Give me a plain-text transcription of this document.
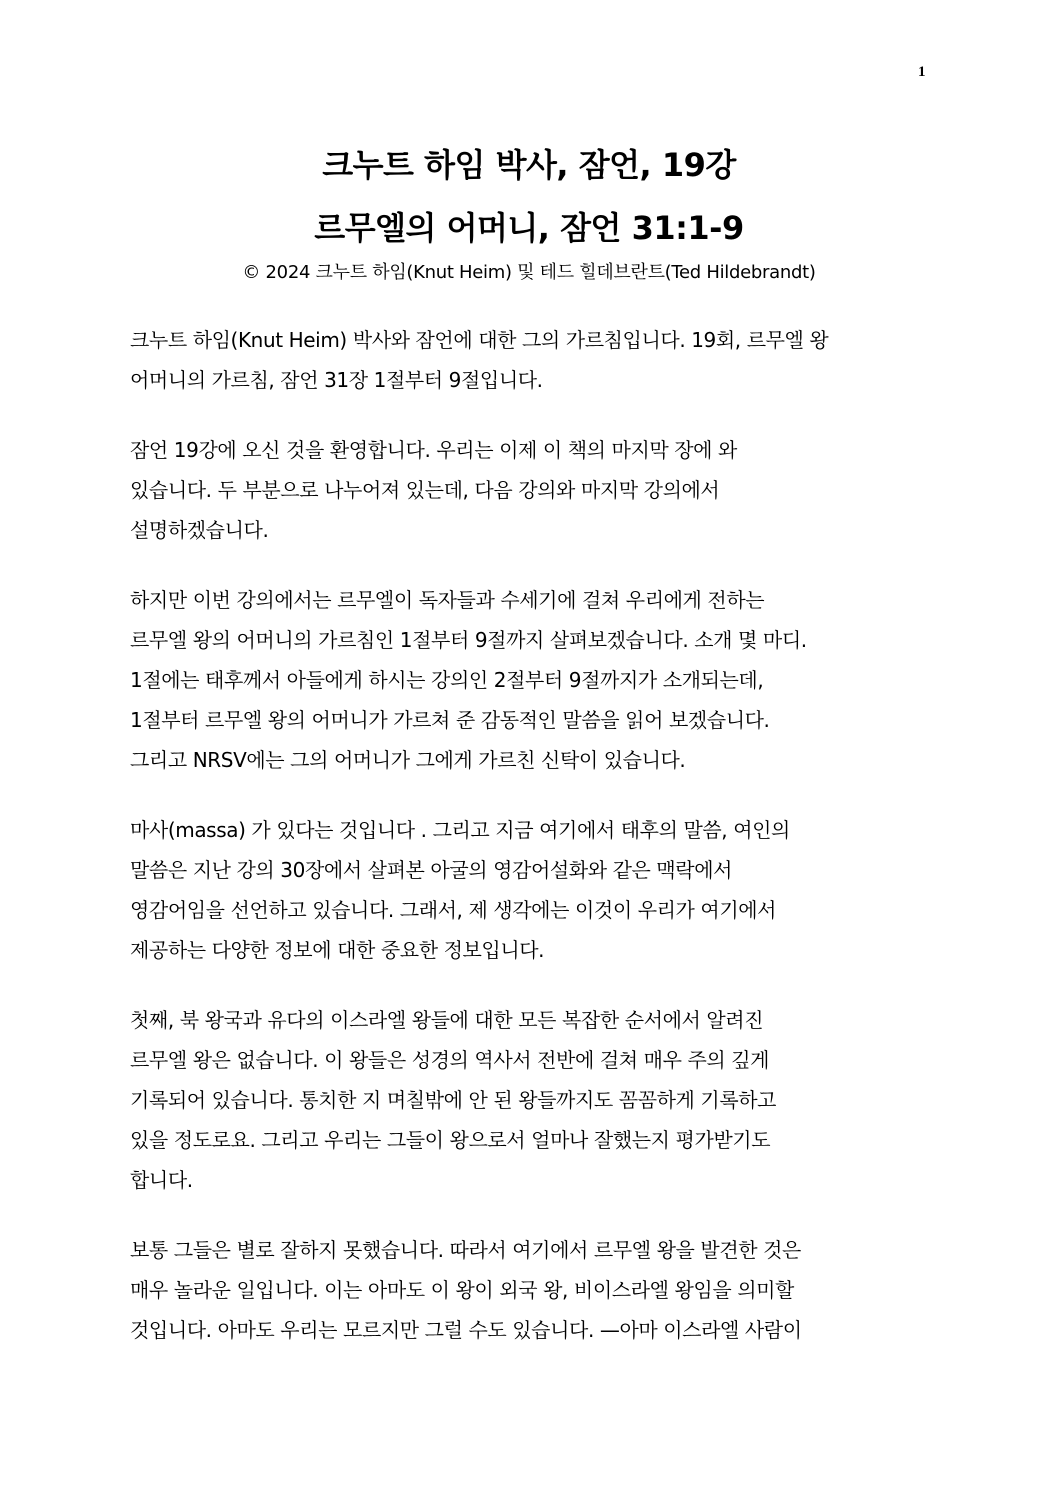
1
크누트 하임 박사, 잠언, 19강
르무엘의 어머니, 잠언 31:1-9
© 2024 크누트 하임(Knut Heim) 및 테드 힐데브란트(Ted Hildebrandt)
크누트 하임(Knut Heim) 박사와 잠언에 대한 그의 가르침입니다. 19회, 르무엘 왕
어머니의 가르침, 잠언 31장 1절부터 9절입니다.
잠언 19강에 오신 것을 환영합니다. 우리는 이제 이 책의 마지막 장에 와
있습니다. 두 부분으로 나누어져 있는데, 다음 강의와 마지막 강의에서
설명하겠습니다.
하지만 이번 강의에서는 르무엘이 독자들과 수세기에 걸쳐 우리에게 전하는
르무엘 왕의 어머니의 가르침인 1절부터 9절까지 살펴보겠습니다. 소개 몇 마디.
1절에는 태후께서 아들에게 하시는 강의인 2절부터 9절까지가 소개되는데,
1절부터 르무엘 왕의 어머니가 가르쳐 준 감동적인 말씀을 읽어 보겠습니다.
그리고 NRSV에는 그의 어머니가 그에게 가르친 신탁이 있습니다.
마사(massa) 가 있다는 것입니다 . 그리고 지금 여기에서 태후의 말씀, 여인의
말씀은 지난 강의 30장에서 살펴본 아굴의 영감어설화와 같은 맥락에서
영감어임을 선언하고 있습니다. 그래서, 제 생각에는 이것이 우리가 여기에서
제공하는 다양한 정보에 대한 중요한 정보입니다.
첫째, 북 왕국과 유다의 이스라엘 왕들에 대한 모든 복잡한 순서에서 알려진
르무엘 왕은 없습니다. 이 왕들은 성경의 역사서 전반에 걸쳐 매우 주의 깊게
기록되어 있습니다. 통치한 지 며칠밖에 안 된 왕들까지도 꼼꼼하게 기록하고
있을 정도로요. 그리고 우리는 그들이 왕으로서 얼마나 잘했는지 평가받기도
합니다.
보통 그들은 별로 잘하지 못했습니다. 따라서 여기에서 르무엘 왕을 발견한 것은
매우 놀라운 일입니다. 이는 아마도 이 왕이 외국 왕, 비이스라엘 왕임을 의미할
것입니다. 아마도 우리는 모르지만 그럴 수도 있습니다. —아마 이스라엘 사람이
